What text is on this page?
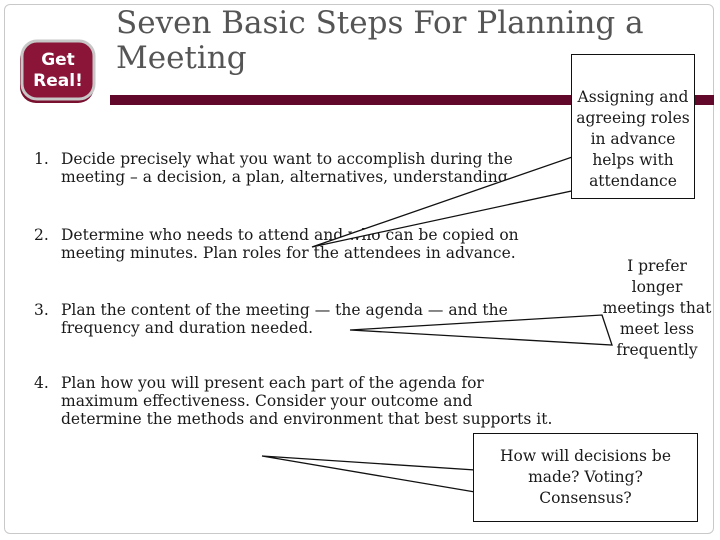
Get
Real!
Seven Basic Steps For Planning a Meeting
1. Decide precisely what you want to accomplish during the
meeting – a decision, a plan, alternatives, understanding.
2. Determine who needs to attend and who can be copied on
meeting minutes. Plan roles for the attendees in advance.
3. Plan the content of the meeting — the agenda — and the
frequency and duration needed.
4. Plan how you will present each part of the agenda for
maximum effectiveness. Consider your outcome and
determine the methods and environment that best supports it.
Assigning and
agreeing roles
in advance
helps with
attendance
I prefer
longer
meetings that
meet less
frequently
How will decisions be
made? Voting?
Consensus?
